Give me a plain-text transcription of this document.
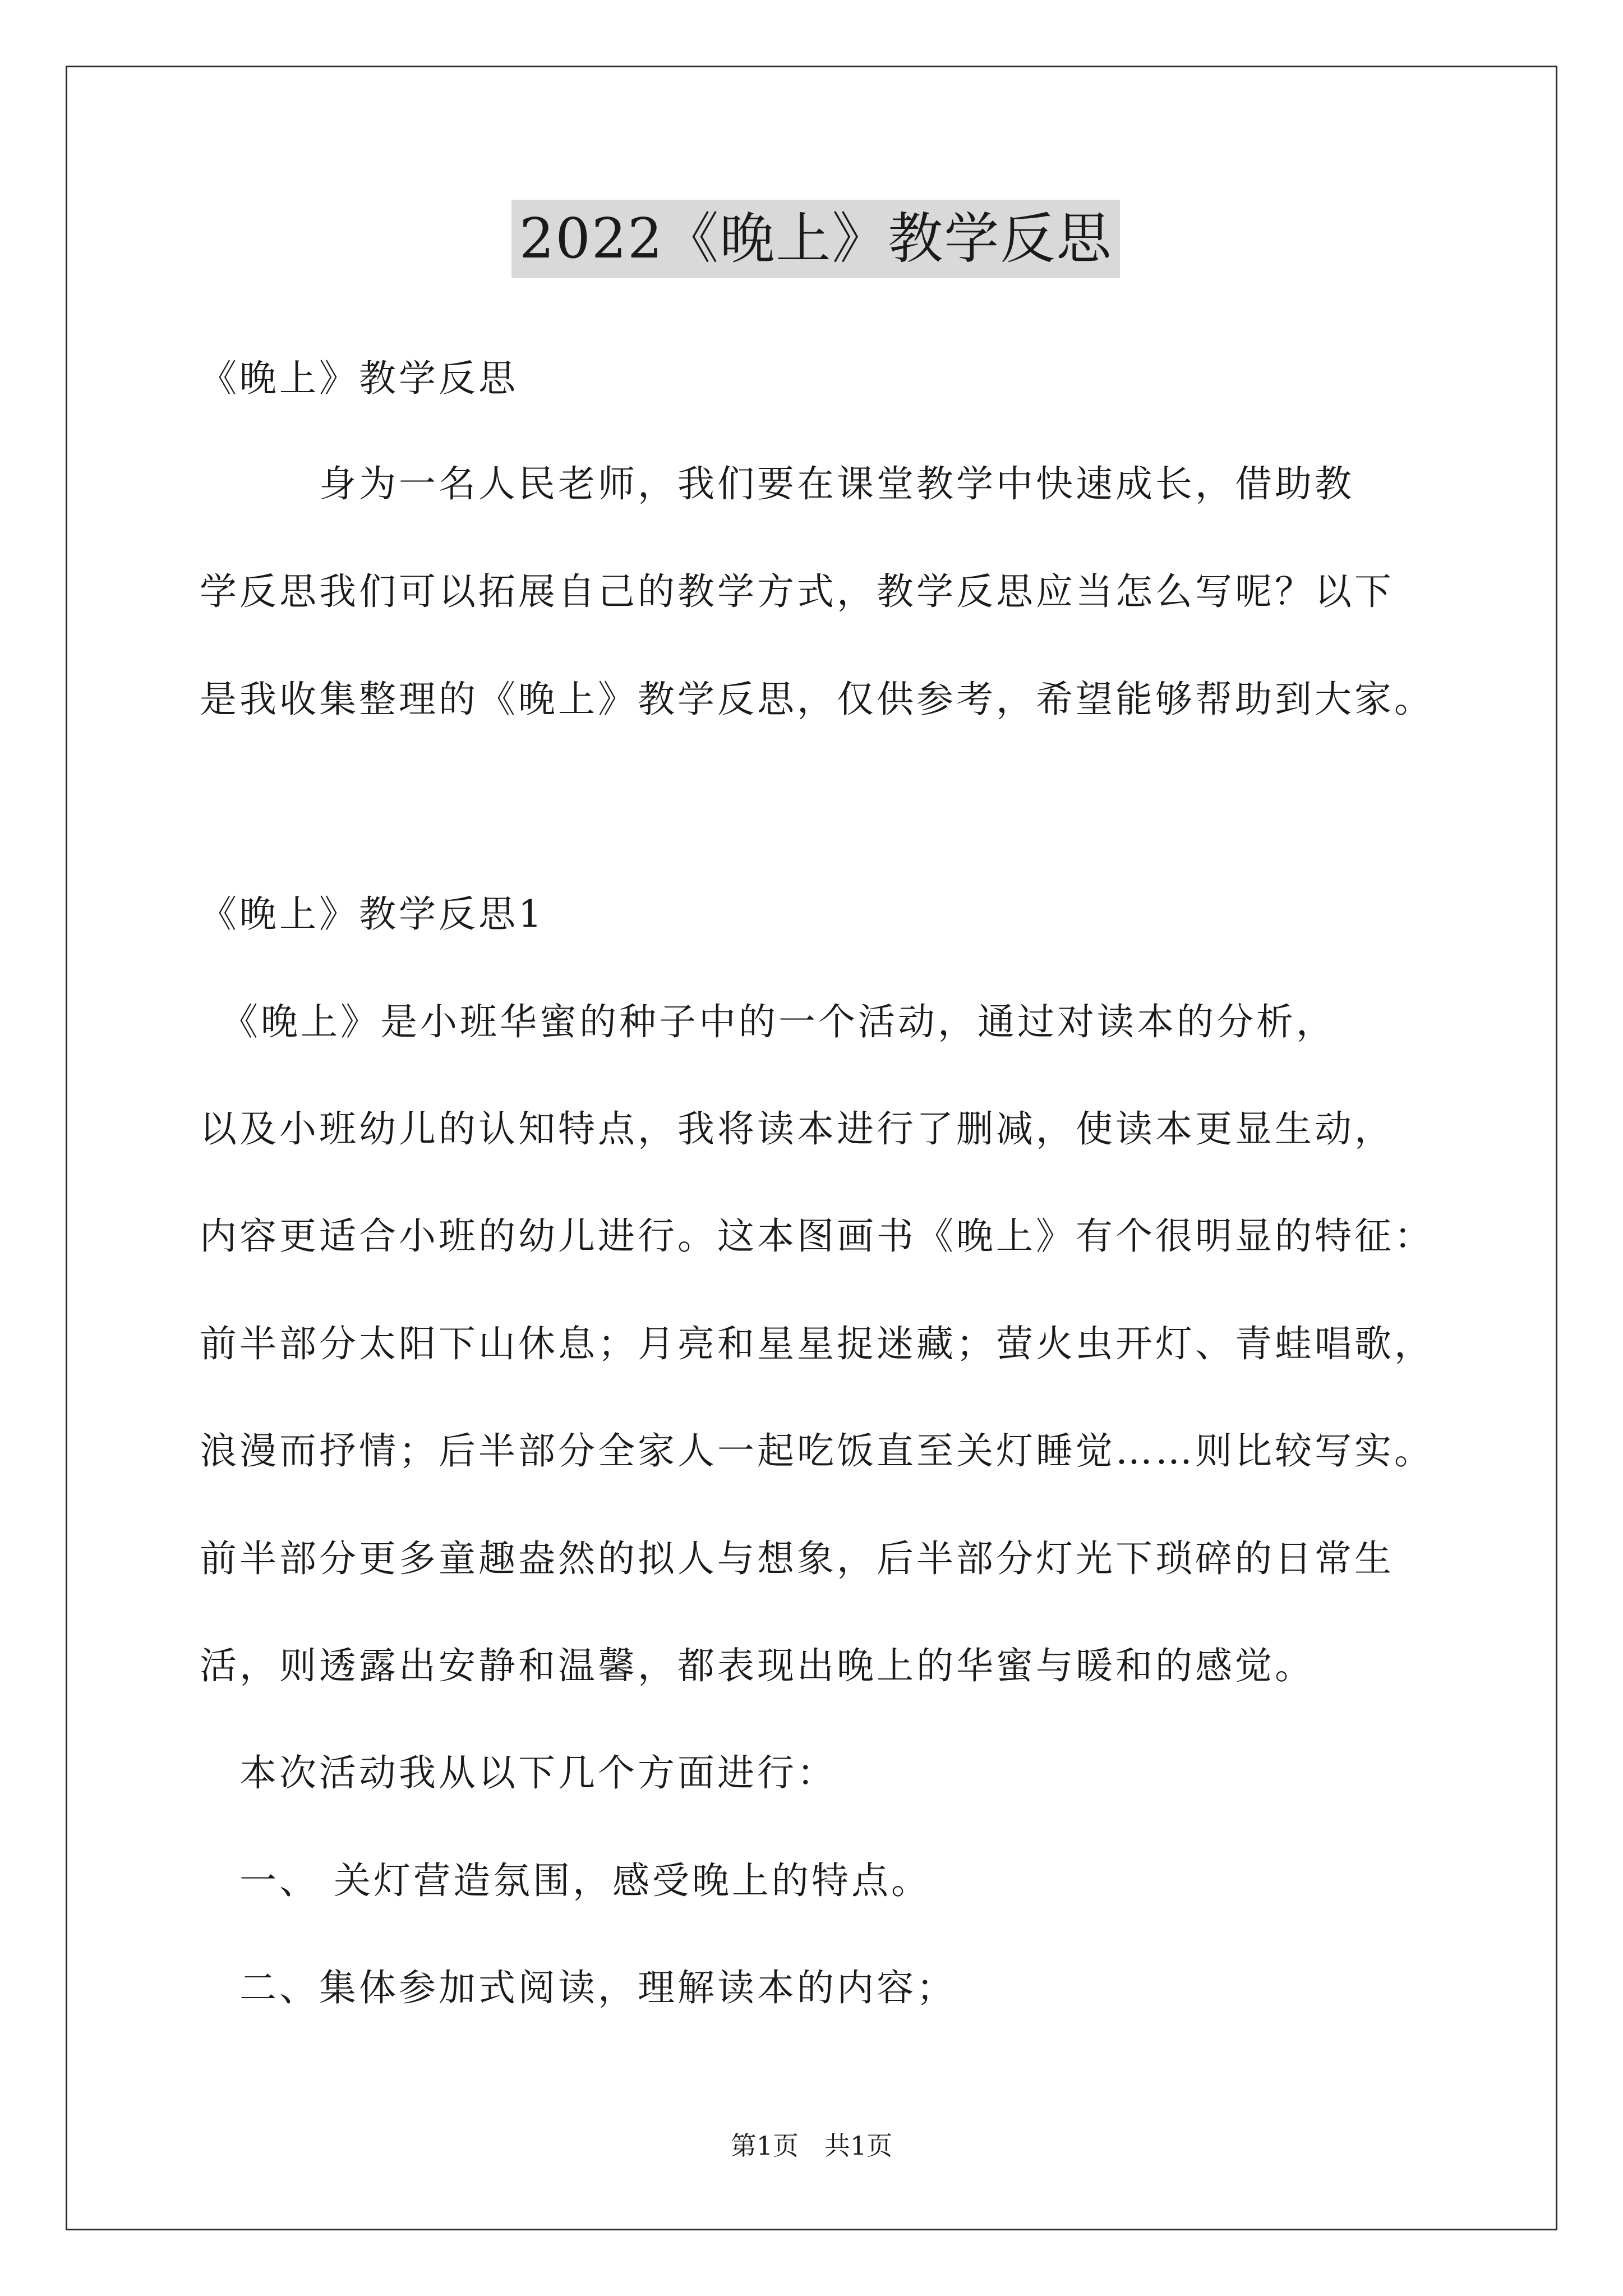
2022《晚上》教学反思
《晚上》教学反思
　　　身为一名人民老师，我们要在课堂教学中快速成长，借助教
学反思我们可以拓展自己的教学方式，教学反思应当怎么写呢？以下
是我收集整理的《晚上》教学反思，仅供参考，希望能够帮助到大家。
《晚上》教学反思1
　《晚上》是小班华蜜的种子中的一个活动，通过对读本的分析，
以及小班幼儿的认知特点，我将读本进行了删减，使读本更显生动，
内容更适合小班的幼儿进行。这本图画书《晚上》有个很明显的特征：
前半部分太阳下山休息；月亮和星星捉迷藏；萤火虫开灯、青蛙唱歌，
浪漫而抒情；后半部分全家人一起吃饭直至关灯睡觉……则比较写实。
前半部分更多童趣盎然的拟人与想象，后半部分灯光下琐碎的日常生
活，则透露出安静和温馨，都表现出晚上的华蜜与暖和的感觉。
　本次活动我从以下几个方面进行：
　一、 关灯营造氛围，感受晚上的特点。
　二、集体参加式阅读，理解读本的内容；
第1页　共1页
